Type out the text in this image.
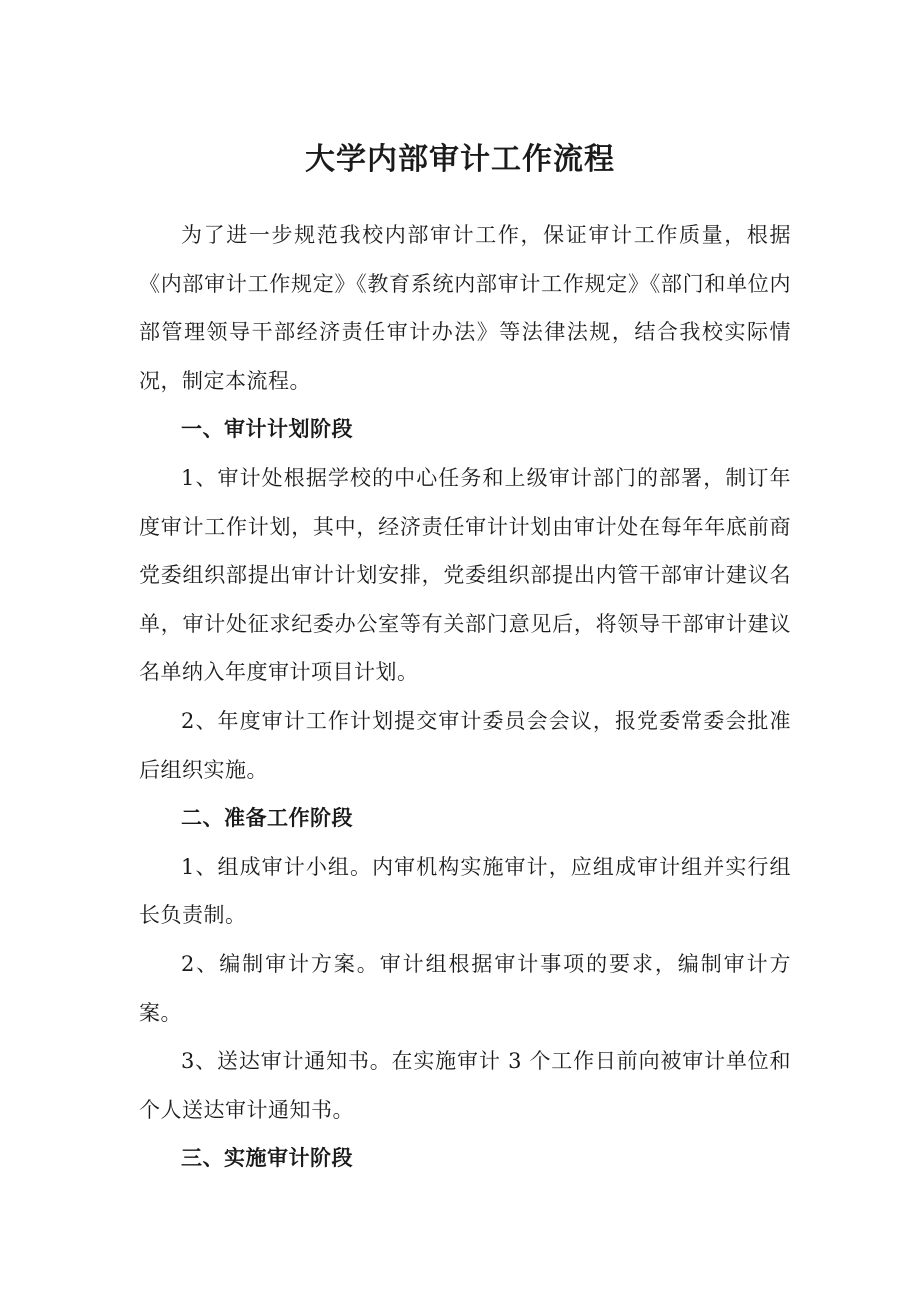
大学内部审计工作流程

为了进一步规范我校内部审计工作，保证审计工作质量，根据《内部审计工作规定》《教育系统内部审计工作规定》《部门和单位内部管理领导干部经济责任审计办法》等法律法规，结合我校实际情况，制定本流程。

一、审计计划阶段

1、审计处根据学校的中心任务和上级审计部门的部署，制订年度审计工作计划，其中，经济责任审计计划由审计处在每年年底前商党委组织部提出审计计划安排，党委组织部提出内管干部审计建议名单，审计处征求纪委办公室等有关部门意见后，将领导干部审计建议名单纳入年度审计项目计划。

2、年度审计工作计划提交审计委员会会议，报党委常委会批准后组织实施。

二、准备工作阶段

1、组成审计小组。内审机构实施审计，应组成审计组并实行组长负责制。

2、编制审计方案。审计组根据审计事项的要求，编制审计方案。

3、送达审计通知书。在实施审计 3 个工作日前向被审计单位和个人送达审计通知书。

三、实施审计阶段
